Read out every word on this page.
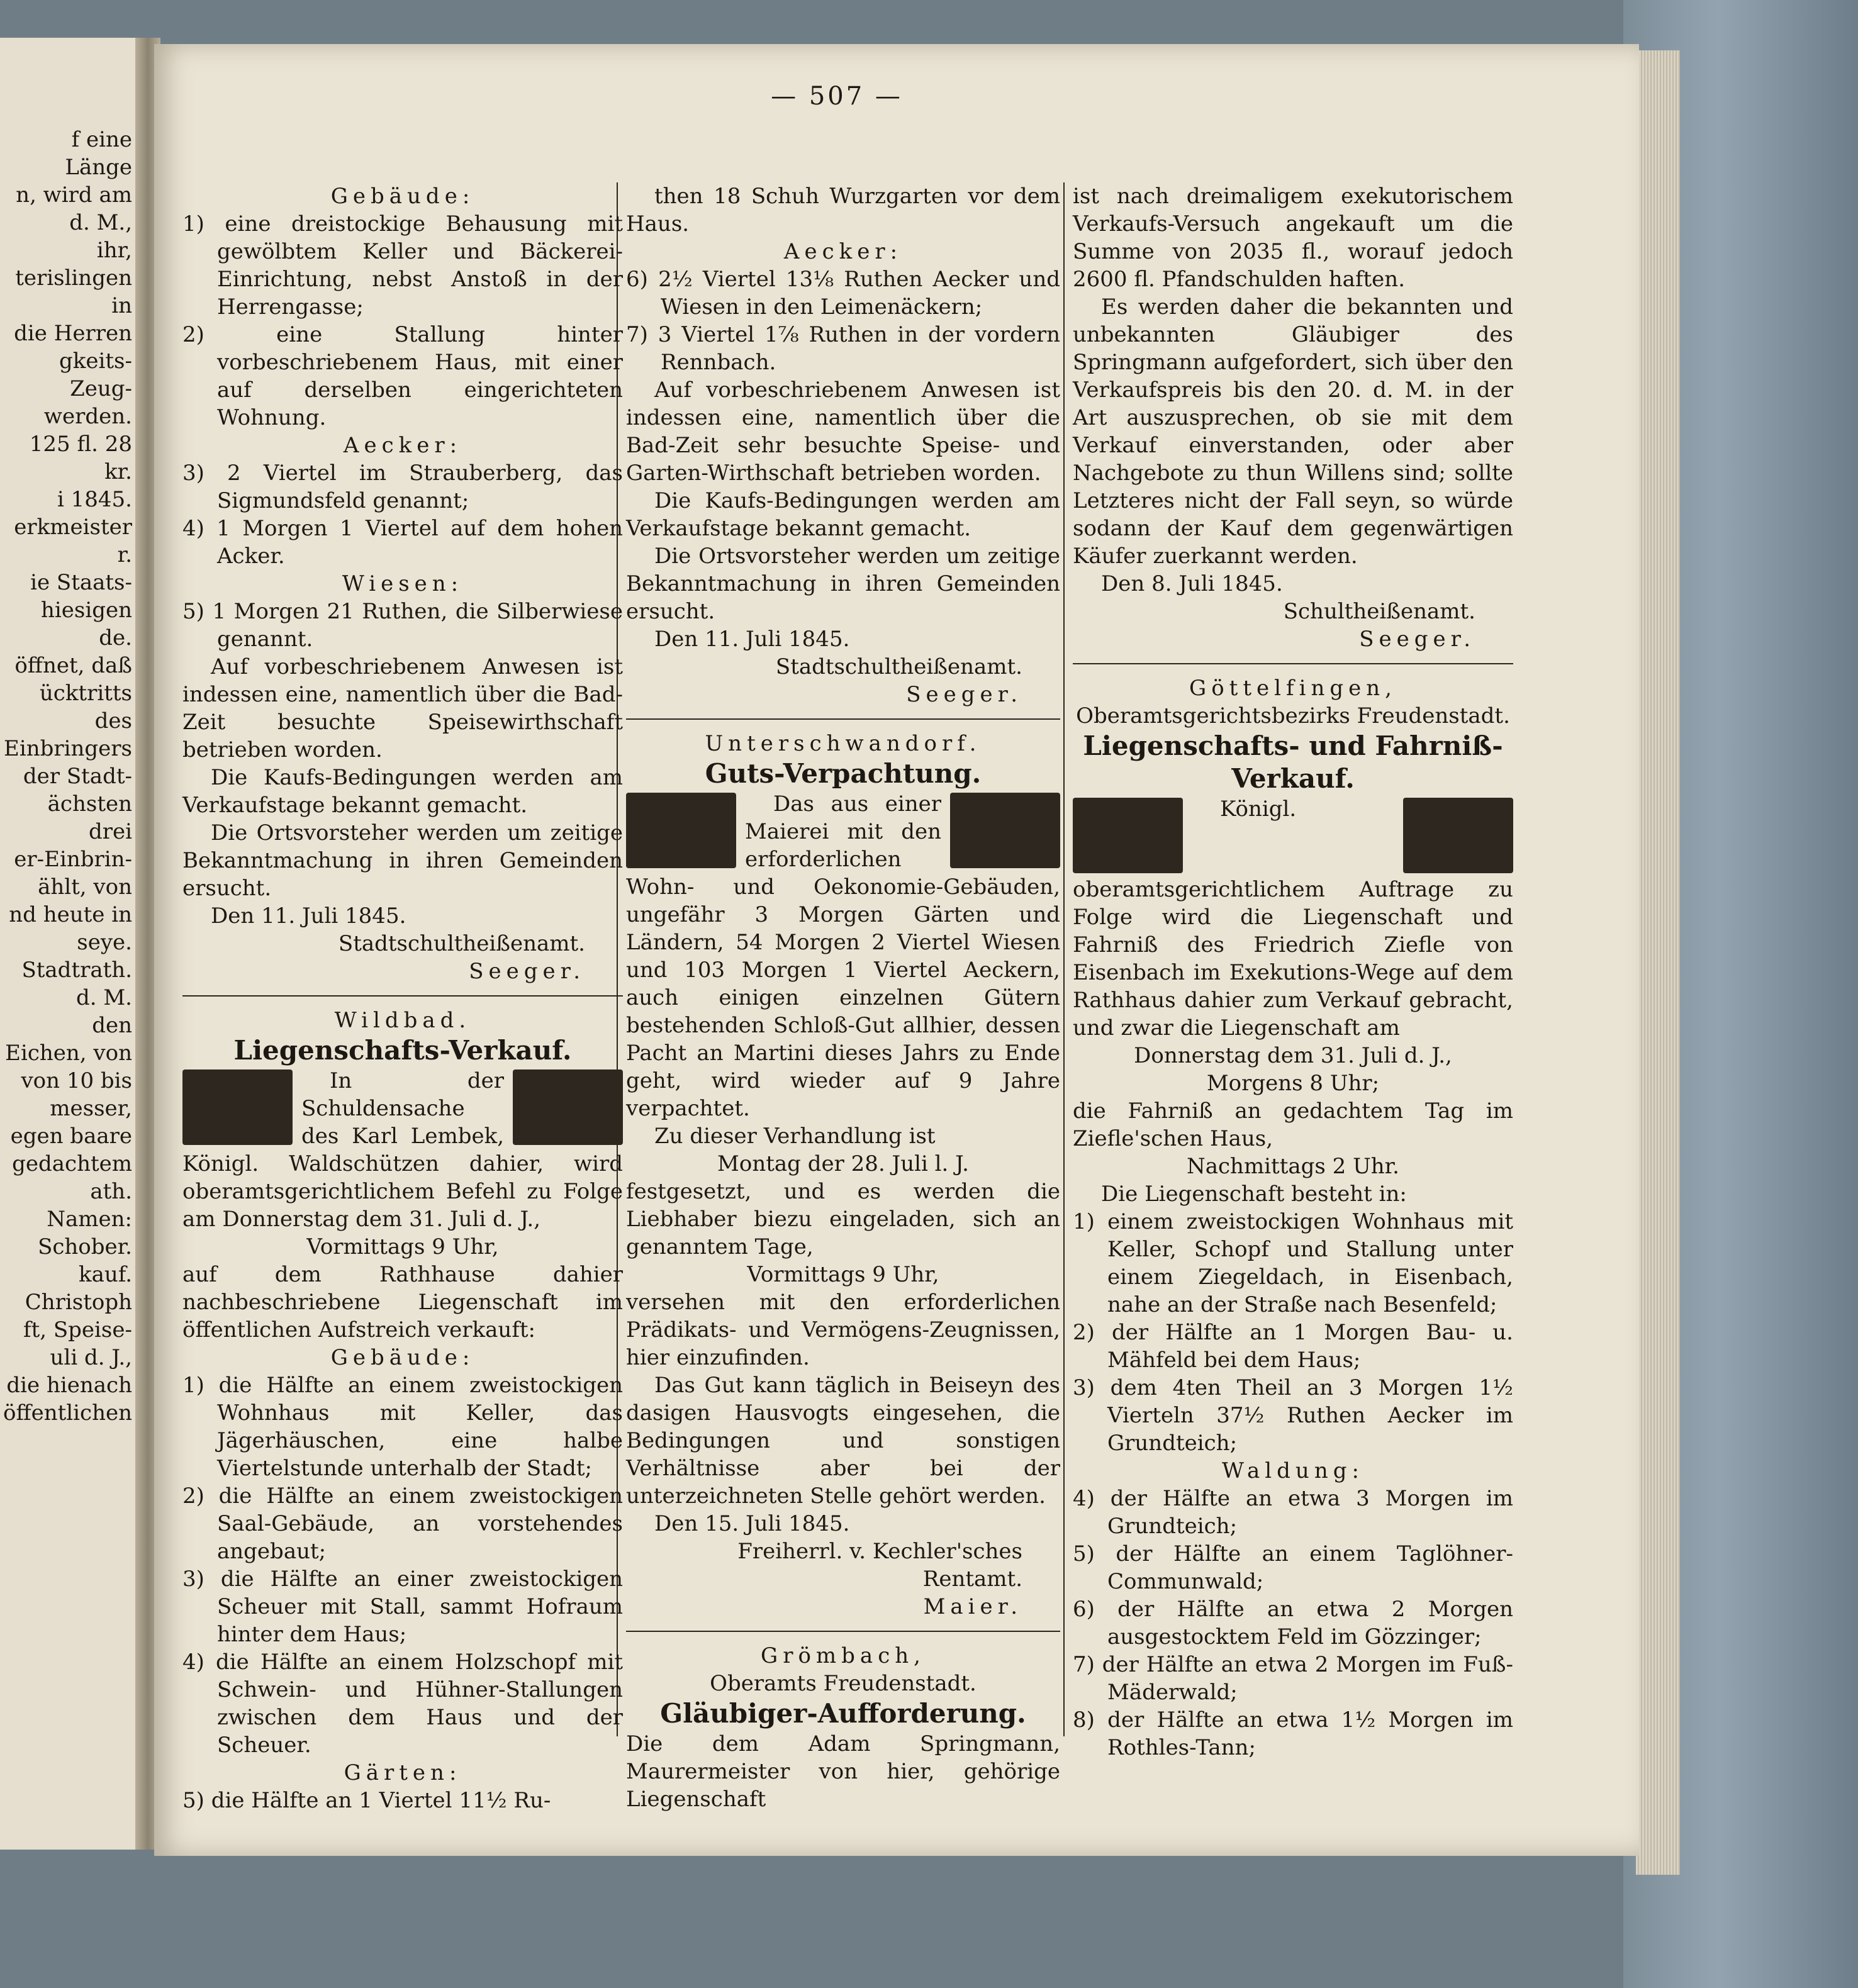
f eine Länge
n, wird am
d. M.,
ihr,
terislingen in
die Herren
gkeits-Zeug-
werden.
125 fl. 28 kr.
i 1845.
erkmeister
r.
ie Staats-
hiesigen
de.
öffnet, daß
ücktritts des
Einbringers
der Stadt-
ächsten drei
er-Einbrin-
ählt, von
nd heute in
seye.
Stadtrath.
d. M.
den
Eichen, von
von 10 bis
messer,
egen baare
gedachtem
ath.
Namen:
Schober.
kauf.
Christoph
ft, Speise-
uli d. J.,
die hienach
öffentlichen
— 507 —

Gebäude:

1) eine dreistockige Behausung mit gewölbtem Keller und Bäckerei-Einrichtung, nebst Anstoß in der Herrengasse;

2) eine Stallung hinter vorbeschriebenem Haus, mit einer auf derselben eingerichteten Wohnung.

Aecker:

3) 2 Viertel im Strauberberg, das Sigmundsfeld genannt;

4) 1 Morgen 1 Viertel auf dem hohen Acker.

Wiesen:

5) 1 Morgen 21 Ruthen, die Silberwiese genannt.

Auf vorbeschriebenem Anwesen ist indessen eine, namentlich über die Bad-Zeit besuchte Speisewirthschaft betrieben worden.

Die Kaufs-Bedingungen werden am Verkaufstage bekannt gemacht.

Die Ortsvorsteher werden um zeitige Bekanntmachung in ihren Gemeinden ersucht.

Den 11. Juli 1845.

Stadtschultheißenamt.

Seeger.

Wildbad.

Liegenschafts-Verkauf.

In der Schuldensache des Karl Lembek, Königl. Waldschützen dahier, wird oberamtsgerichtlichem Befehl zu Folge am Donnerstag dem 31. Juli d. J.,

Vormittags 9 Uhr,

auf dem Rathhause dahier nachbeschriebene Liegenschaft im öffentlichen Aufstreich verkauft:

Gebäude:

1) die Hälfte an einem zweistockigen Wohnhaus mit Keller, das Jägerhäuschen, eine halbe Viertelstunde unterhalb der Stadt;

2) die Hälfte an einem zweistockigen Saal-Gebäude, an vorstehendes angebaut;

3) die Hälfte an einer zweistockigen Scheuer mit Stall, sammt Hofraum hinter dem Haus;

4) die Hälfte an einem Holzschopf mit Schwein- und Hühner-Stallungen zwischen dem Haus und der Scheuer.

Gärten:

5) die Hälfte an 1 Viertel 11½ Ru-

then 18 Schuh Wurzgarten vor dem Haus.

Aecker:

6) 2½ Viertel 13⅛ Ruthen Aecker und Wiesen in den Leimenäckern;

7) 3 Viertel 1⅞ Ruthen in der vordern Rennbach.

Auf vorbeschriebenem Anwesen ist indessen eine, namentlich über die Bad-Zeit sehr besuchte Speise- und Garten-Wirthschaft betrieben worden.

Die Kaufs-Bedingungen werden am Verkaufstage bekannt gemacht.

Die Ortsvorsteher werden um zeitige Bekanntmachung in ihren Gemeinden ersucht.

Den 11. Juli 1845.

Stadtschultheißenamt.

Seeger.

Unterschwandorf.

Guts-Verpachtung.

Das aus einer Maierei mit den erforderlichen Wohn- und Oekonomie-Gebäuden, ungefähr 3 Morgen Gärten und Ländern, 54 Morgen 2 Viertel Wiesen und 103 Morgen 1 Viertel Aeckern, auch einigen einzelnen Gütern bestehenden Schloß-Gut allhier, dessen Pacht an Martini dieses Jahrs zu Ende geht, wird wieder auf 9 Jahre verpachtet.

Zu dieser Verhandlung ist

Montag der 28. Juli l. J.

festgesetzt, und es werden die Liebhaber biezu eingeladen, sich an genanntem Tage,

Vormittags 9 Uhr,

versehen mit den erforderlichen Prädikats- und Vermögens-Zeugnissen, hier einzufinden.

Das Gut kann täglich in Beiseyn des dasigen Hausvogts eingesehen, die Bedingungen und sonstigen Verhältnisse aber bei der unterzeichneten Stelle gehört werden.

Den 15. Juli 1845.

Freiherrl. v. Kechler'sches

Rentamt.

Maier.

Grömbach,

Oberamts Freudenstadt.

Gläubiger-Aufforderung.

Die dem Adam Springmann, Maurermeister von hier, gehörige Liegenschaft

ist nach dreimaligem exekutorischem Verkaufs-Versuch angekauft um die Summe von 2035 fl., worauf jedoch 2600 fl. Pfandschulden haften.

Es werden daher die bekannten und unbekannten Gläubiger des Springmann aufgefordert, sich über den Verkaufspreis bis den 20. d. M. in der Art auszusprechen, ob sie mit dem Verkauf einverstanden, oder aber Nachgebote zu thun Willens sind; sollte Letzteres nicht der Fall seyn, so würde sodann der Kauf dem gegenwärtigen Käufer zuerkannt werden.

Den 8. Juli 1845.

Schultheißenamt.

Seeger.

Göttelfingen,

Oberamtsgerichtsbezirks Freudenstadt.

Liegenschafts- und Fahrniß-Verkauf.

Königl. oberamtsgerichtlichem Auftrage zu Folge wird die Liegenschaft und Fahrniß des Friedrich Ziefle von Eisenbach im Exekutions-Wege auf dem Rathhaus dahier zum Verkauf gebracht, und zwar die Liegenschaft am

Donnerstag dem 31. Juli d. J.,

Morgens 8 Uhr;

die Fahrniß an gedachtem Tag im Ziefle'schen Haus,

Nachmittags 2 Uhr.

Die Liegenschaft besteht in:

1) einem zweistockigen Wohnhaus mit Keller, Schopf und Stallung unter einem Ziegeldach, in Eisenbach, nahe an der Straße nach Besenfeld;

2) der Hälfte an 1 Morgen Bau- u. Mähfeld bei dem Haus;

3) dem 4ten Theil an 3 Morgen 1½ Vierteln 37½ Ruthen Aecker im Grundteich;

Waldung:

4) der Hälfte an etwa 3 Morgen im Grundteich;

5) der Hälfte an einem Taglöhner-Communwald;

6) der Hälfte an etwa 2 Morgen ausgestocktem Feld im Gözzinger;

7) der Hälfte an etwa 2 Morgen im Fuß-Mäderwald;

8) der Hälfte an etwa 1½ Morgen im Rothles-Tann;
